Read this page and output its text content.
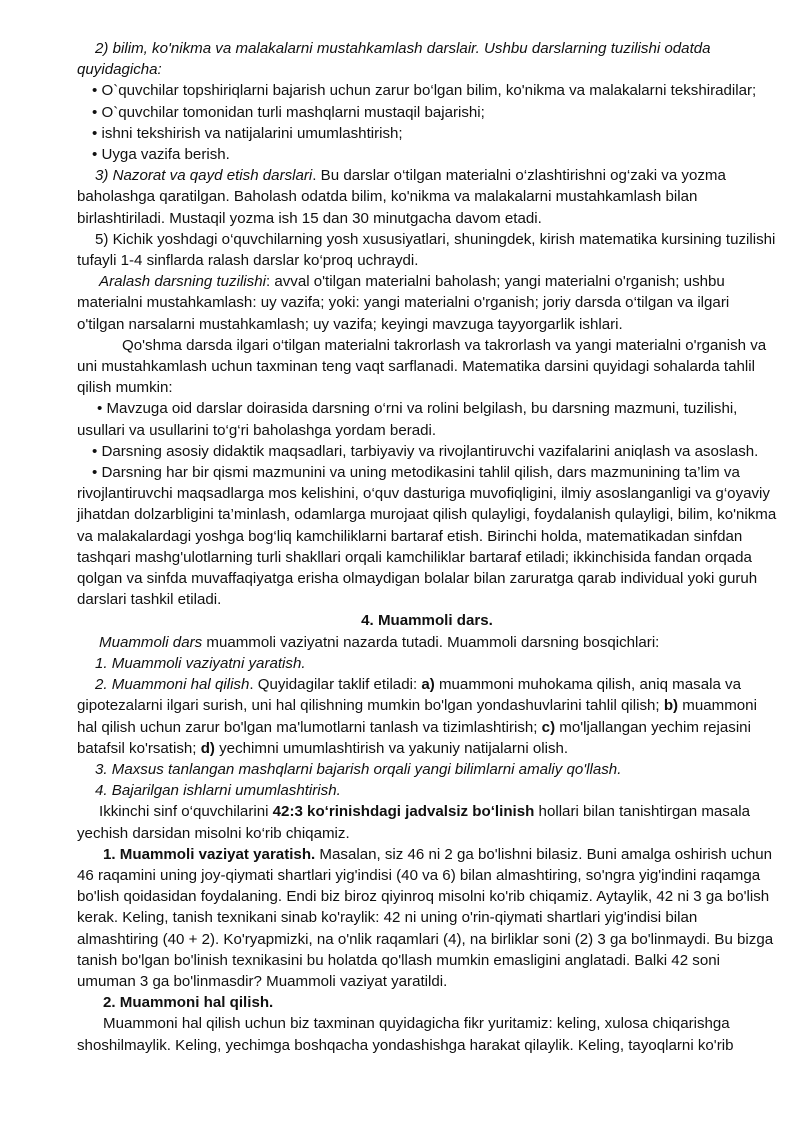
2) bilim, ko'nikma va malakalarni mustahkamlash darslair. Ushbu darslarning tuzilishi odatda quyidagicha:

• O`quvchilar topshiriqlarni bajarish uchun zarur bo‘lgan bilim, ko'nikma va malakalarni tekshiradilar;

• O`quvchilar tomonidan turli mashqlarni mustaqil bajarishi;

• ishni tekshirish va natijalarini umumlashtirish;

• Uyga vazifa berish.

3) Nazorat va qayd etish darslari. Bu darslar o‘tilgan materialni o‘zlashtirishni og‘zaki va yozma baholashga qaratilgan. Baholash odatda bilim, ko'nikma va malakalarni mustahkamlash bilan birlashtiriladi. Mustaqil yozma ish 15 dan 30 minutgacha davom etadi.

5) Kichik yoshdagi o‘quvchilarning yosh xususiyatlari, shuningdek, kirish matematika kursining tuzilishi tufayli 1-4 sinflarda ralash darslar ko‘proq uchraydi.

Aralash darsning tuzilishi: avval o'tilgan materialni baholash; yangi materialni o'rganish; ushbu materialni mustahkamlash: uy vazifa; yoki: yangi materialni o'rganish; joriy darsda o‘tilgan va ilgari o'tilgan narsalarni mustahkamlash; uy vazifa; keyingi mavzuga tayyorgarlik ishlari.

Qo'shma darsda ilgari o‘tilgan materialni takrorlash va takrorlash va yangi materialni o'rganish va uni mustahkamlash uchun taxminan teng vaqt sarflanadi. Matematika darsini quyidagi sohalarda tahlil qilish mumkin:

• Mavzuga oid darslar doirasida darsning o‘rni va rolini belgilash, bu darsning mazmuni, tuzilishi, usullari va usullarini to‘g‘ri baholashga yordam beradi.

• Darsning asosiy didaktik maqsadlari, tarbiyaviy va rivojlantiruvchi vazifalarini aniqlash va asoslash.

• Darsning har bir qismi mazmunini va uning metodikasini tahlil qilish, dars mazmunining ta’lim va rivojlantiruvchi maqsadlarga mos kelishini, o‘quv dasturiga muvofiqligini, ilmiy asoslanganligi va g‘oyaviy jihatdan dolzarbligini ta’minlash, odamlarga murojaat qilish qulayligi, foydalanish qulayligi, bilim, ko'nikma va malakalardagi yoshga bog‘liq kamchiliklarni bartaraf etish. Birinchi holda, matematikadan sinfdan tashqari mashg'ulotlarning turli shakllari orqali kamchiliklar bartaraf etiladi; ikkinchisida fandan orqada qolgan va sinfda muvaffaqiyatga erisha olmaydigan bolalar bilan zaruratga qarab individual yoki guruh darslari tashkil etiladi.

4. Muammoli dars.

Muammoli dars muammoli vaziyatni nazarda tutadi. Muammoli darsning bosqichlari:

1. Muammoli vaziyatni yaratish.

2. Muammoni hal qilish. Quyidagilar taklif etiladi: a) muammoni muhokama qilish, aniq masala va gipotezalarni ilgari surish, uni hal qilishning mumkin bo'lgan yondashuvlarini tahlil qilish; b) muammoni hal qilish uchun zarur bo'lgan ma'lumotlarni tanlash va tizimlashtirish; c) mo'ljallangan yechim rejasini batafsil ko'rsatish; d) yechimni umumlashtirish va yakuniy natijalarni olish.

3. Maxsus tanlangan mashqlarni bajarish orqali yangi bilimlarni amaliy qo'llash.

4. Bajarilgan ishlarni umumlashtirish.

Ikkinchi sinf o‘quvchilarini 42:3 ko‘rinishdagi jadvalsiz bo‘linish hollari bilan tanishtirgan masala yechish darsidan misolni ko‘rib chiqamiz.

1. Muammoli vaziyat yaratish. Masalan, siz 46 ni 2 ga bo'lishni bilasiz. Buni amalga oshirish uchun 46 raqamini uning joy-qiymati shartlari yig'indisi (40 va 6) bilan almashtiring, so'ngra yig'indini raqamga bo'lish qoidasidan foydalaning. Endi biz biroz qiyinroq misolni ko'rib chiqamiz. Aytaylik, 42 ni 3 ga bo'lish kerak. Keling, tanish texnikani sinab ko'raylik: 42 ni uning o'rin-qiymati shartlari yig'indisi bilan almashtiring (40 + 2). Ko'ryapmizki, na o'nlik raqamlari (4), na birliklar soni (2) 3 ga bo'linmaydi. Bu bizga tanish bo'lgan bo'linish texnikasini bu holatda qo'llash mumkin emasligini anglatadi. Balki 42 soni umuman 3 ga bo'linmasdir? Muammoli vaziyat yaratildi.

2. Muammoni hal qilish.

Muammoni hal qilish uchun biz taxminan quyidagicha fikr yuritamiz: keling, xulosa chiqarishga shoshilmaylik. Keling, yechimga boshqacha yondashishga harakat qilaylik. Keling, tayoqlarni ko'rib
